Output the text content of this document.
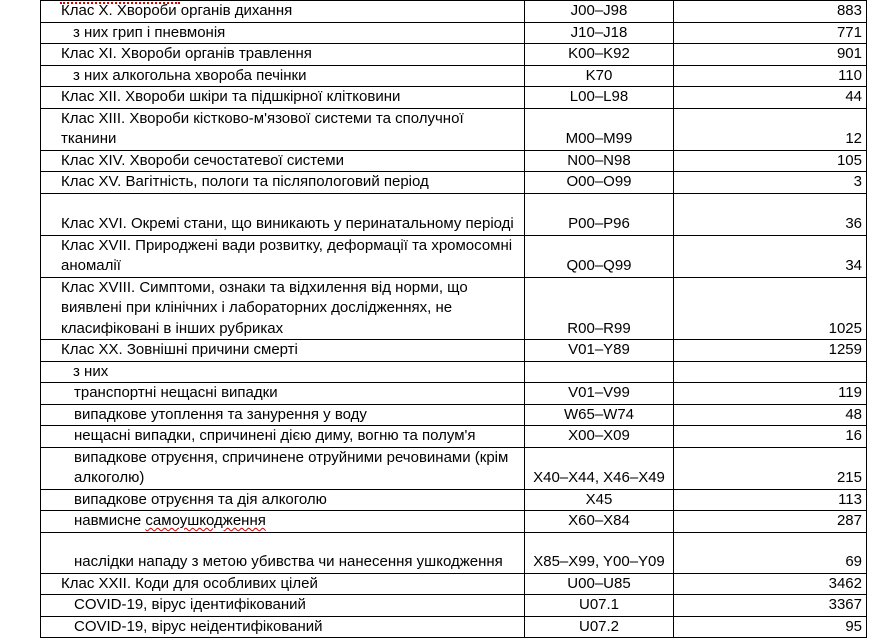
Клас X. Хвороби органів дихання	J00–J98	883
з них грип і пневмонія	J10–J18	771
Клас XI. Хвороби органів травлення	K00–K92	901
з них алкогольна хвороба печінки	K70	110
Клас XII. Хвороби шкіри та підшкірної клітковини	L00–L98	44
Клас XIII. Хвороби кістково-м'язової системи та сполучної тканини	M00–M99	12
Клас XIV. Хвороби сечостатевої системи	N00–N98	105
Клас XV. Вагітність, пологи та післяпологовий період	O00–O99	3
Клас XVI. Окремі стани, що виникають у перинатальному періоді	P00–P96	36
Клас XVII. Природжені вади розвитку, деформації та хромосомні аномалії	Q00–Q99	34
Клас XVIII. Симптоми, ознаки та відхилення від норми, що виявлені при клінічних і лабораторних дослідженнях, не класифіковані в інших рубриках	R00–R99	1025
Клас XX. Зовнішні причини смерті	V01–Y89	1259
з них		
транспортні нещасні випадки	V01–V99	119
випадкове утоплення та занурення у воду	W65–W74	48
нещасні випадки, спричинені дією диму, вогню та полум'я	X00–X09	16
випадкове отруєння, спричинене отруйними речовинами (крім алкоголю)	X40–X44, X46–X49	215
випадкове отруєння та дія алкоголю	X45	113
навмисне самоушкодження	X60–X84	287
наслідки нападу з метою убивства чи нанесення ушкодження	X85–X99, Y00–Y09	69
Клас XXII. Коди для особливих цілей	U00–U85	3462
COVID-19, вірус ідентифікований	U07.1	3367
COVID-19, вірус неідентифікований	U07.2	95
